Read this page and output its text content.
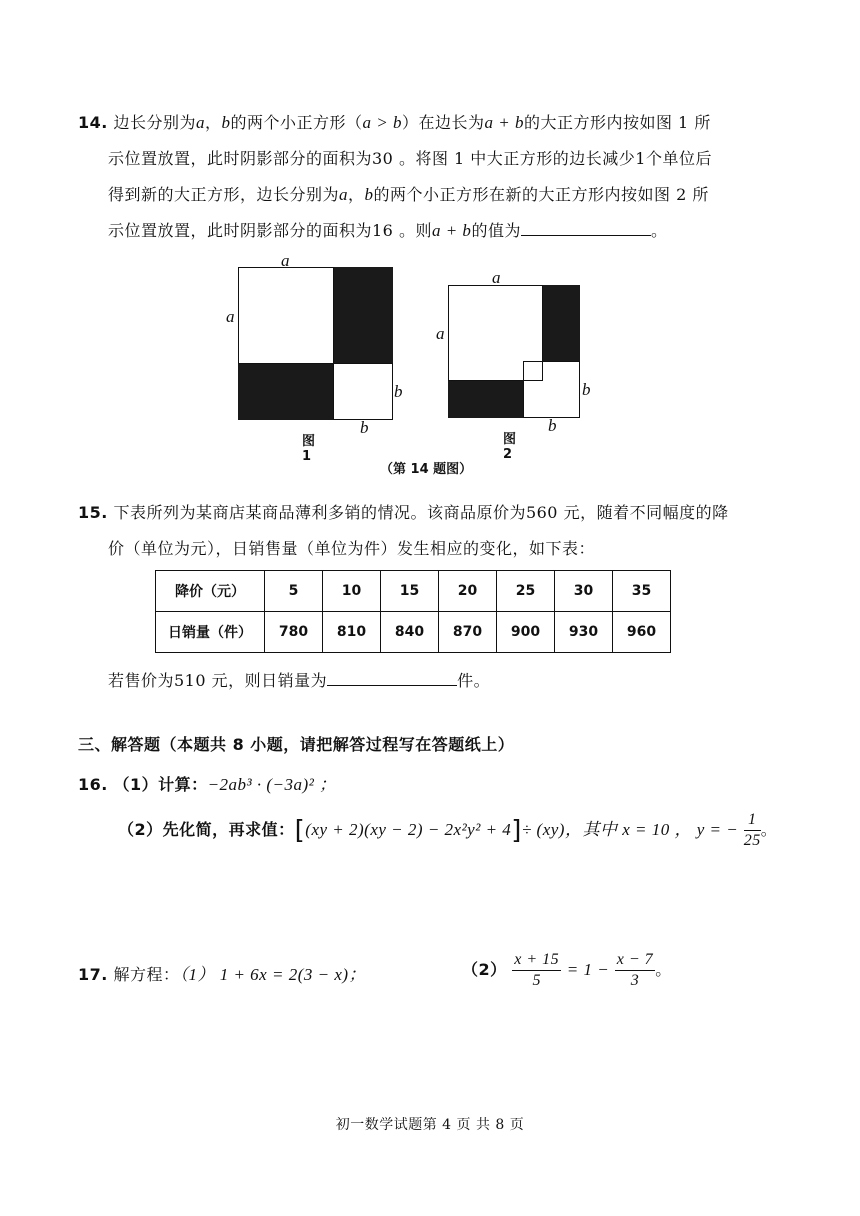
14. 边长分别为a，b的两个小正方形（a > b）在边长为a + b的大正方形内按如图 1 所
示位置放置，此时阴影部分的面积为30 。将图 1 中大正方形的边长减少1个单位后
得到新的大正方形，边长分别为a，b的两个小正方形在新的大正方形内按如图 2 所
示位置放置，此时阴影部分的面积为16 。则a + b的值为	。
a
a
b
b
图 1
a
a
b
b
图 2
（第 14 题图）
15. 下表所列为某商店某商品薄利多销的情况。该商品原价为560 元，随着不同幅度的降
价（单位为元），日销售量（单位为件）发生相应的变化，如下表：
降价（元）	5	10	15	20	25	30	35
日销量（件）	780	810	840	870	900	930	960
若售价为510 元，则日销量为	件。
三、解答题（本题共 8 小题，请把解答过程写在答题纸上）
16. （1）计算：−2ab³ · (−3a)² ；
（2）先化简，再求值：[(xy + 2)(xy − 2) − 2x²y² + 4]÷ (xy)，其中 x = 10 ， y = − $\frac{1}{25}$ 。
17. 解方程：（1） 1 + 6x = 2(3 − x)；	$(2) \frac{x + 15}{5} = 1 - \frac{x - 7}{3}$ 。
初一数学试题第 4 页 共 8 页
